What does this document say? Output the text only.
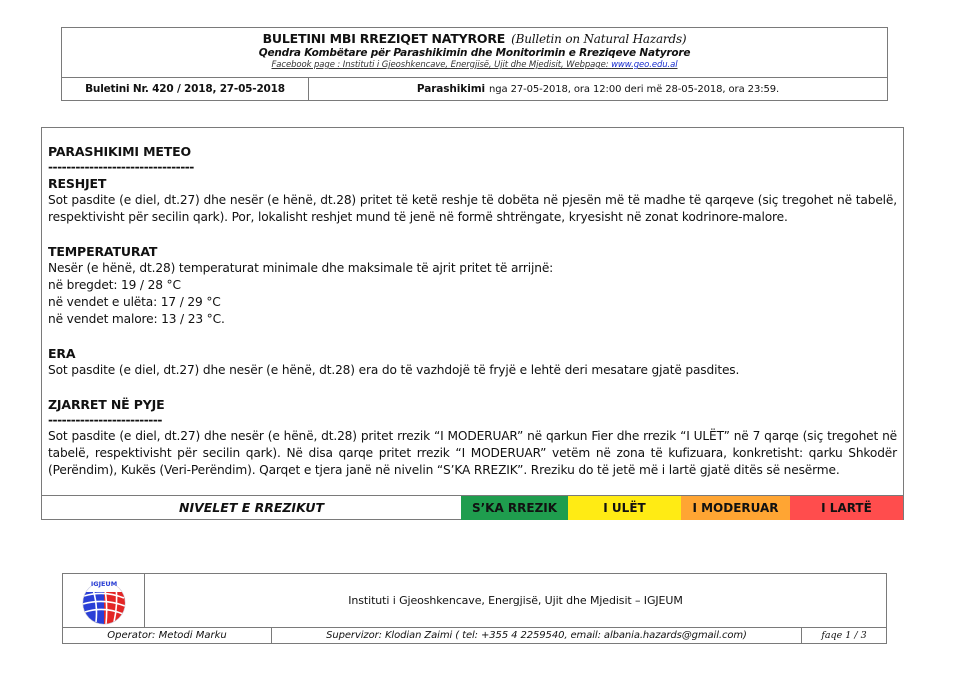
BULETINI MBI RREZIQET NATYRORE (Bulletin on Natural Hazards)
Qendra Kombëtare për Parashikimin dhe Monitorimin e Rreziqeve Natyrore
Facebook page : Instituti i Gjeoshkencave, Energjisë, Ujit dhe Mjedisit, Webpage: www.geo.edu.al
Buletini Nr. 420 / 2018, 27-05-2018	Parashikimi nga 27-05-2018, ora 12:00 deri më 28-05-2018, ora 23:59.
PARASHIKIMI METEO
--------------------------------
RESHJET
Sot pasdite (e diel, dt.27) dhe nesër (e hënë, dt.28) pritet të ketë reshje të dobëta në pjesën më të madhe të qarqeve (siç tregohet në tabelë, respektivisht për secilin qark). Por, lokalisht reshjet mund të jenë në formë shtrëngate, kryesisht në zonat kodrinore-malore.
TEMPERATURAT
Nesër (e hënë, dt.28) temperaturat minimale dhe maksimale të ajrit pritet të arrijnë:
në bregdet: 19 / 28 °C
në vendet e ulëta: 17 / 29 °C
në vendet malore: 13 / 23 °C.
ERA
Sot pasdite (e diel, dt.27) dhe nesër (e hënë, dt.28) era do të vazhdojë të fryjë e lehtë deri mesatare gjatë pasdites.
ZJARRET NË PYJE
-------------------------
Sot pasdite (e diel, dt.27) dhe nesër (e hënë, dt.28) pritet rrezik “I MODERUAR” në qarkun Fier dhe rrezik “I ULËT” në 7 qarqe (siç tregohet në tabelë, respektivisht për secilin qark). Në disa qarqe pritet rrezik “I MODERUAR” vetëm në zona të kufizuara, konkretisht: qarku Shkodër (Perëndim), Kukës (Veri-Perëndim). Qarqet e tjera janë në nivelin “S’KA RREZIK”. Rreziku do të jetë më i lartë gjatë ditës së nesërme.
NIVELET E RREZIKUT	S’KA RREZIK	I ULËT	I MODERUAR	I LARTË
IGJEUM
Instituti i Gjeoshkencave, Energjisë, Ujit dhe Mjedisit – IGJEUM
Operator: Metodi Marku	Supervizor: Klodian Zaimi ( tel: +355 4 2259540, email: albania.hazards@gmail.com)	faqe 1 / 3
